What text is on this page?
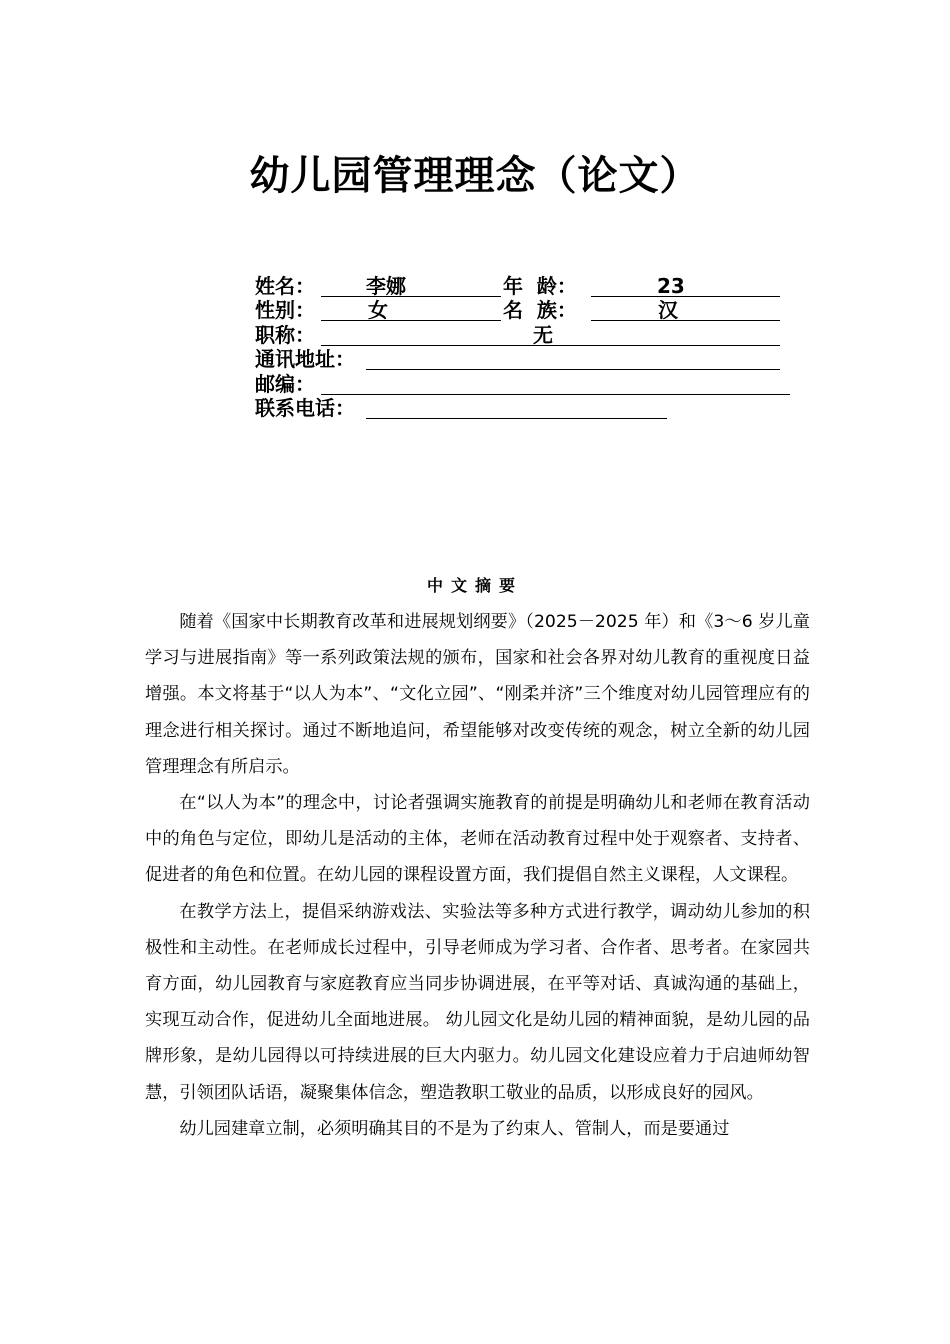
幼儿园管理理念（论文）
姓名：	李娜	年  龄：	23
性别：	女	名  族：	汉
职称：	无
通讯地址：
邮编：
联系电话：
中文摘要

随着《国家中长期教育改革和进展规划纲要》（2025－2025 年）和《3～6 岁儿童学习与进展指南》等一系列政策法规的颁布，国家和社会各界对幼儿教育的重视度日益增强。本文将基于“以人为本”、“文化立园”、“刚柔并济”三个维度对幼儿园管理应有的理念进行相关探讨。通过不断地追问，希望能够对改变传统的观念，树立全新的幼儿园管理理念有所启示。

在“以人为本”的理念中，讨论者强调实施教育的前提是明确幼儿和老师在教育活动中的角色与定位，即幼儿是活动的主体，老师在活动教育过程中处于观察者、支持者、促进者的角色和位置。在幼儿园的课程设置方面，我们提倡自然主义课程，人文课程。

在教学方法上，提倡采纳游戏法、实验法等多种方式进行教学，调动幼儿参加的积极性和主动性。在老师成长过程中，引导老师成为学习者、合作者、思考者。在家园共育方面，幼儿园教育与家庭教育应当同步协调进展，在平等对话、真诚沟通的基础上，实现互动合作，促进幼儿全面地进展。 幼儿园文化是幼儿园的精神面貌，是幼儿园的品牌形象，是幼儿园得以可持续进展的巨大内驱力。幼儿园文化建设应着力于启迪师幼智慧，引领团队话语，凝聚集体信念，塑造教职工敬业的品质，以形成良好的园风。

幼儿园建章立制，必须明确其目的不是为了约束人、管制人，而是要通过
